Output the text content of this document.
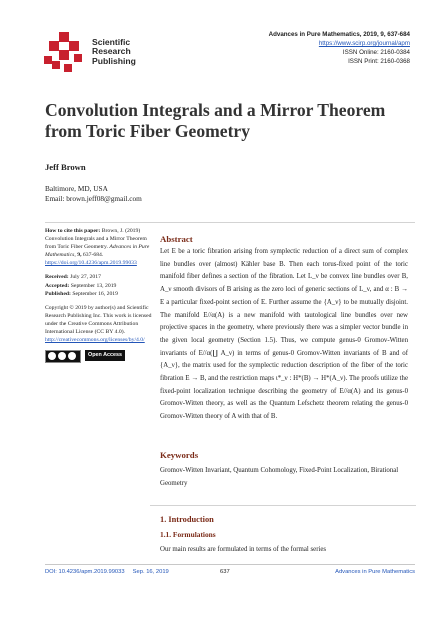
Scientific
Research
Publishing
Advances in Pure Mathematics, 2019, 9, 637-684
https://www.scirp.org/journal/apm
ISSN Online: 2160-0384
ISSN Print: 2160-0368
Convolution Integrals and a Mirror Theorem from Toric Fiber Geometry
Jeff Brown
Baltimore, MD, USA
Email: brown.jeff08@gmail.com
How to cite this paper: Brown, J. (2019) Convolution Integrals and a Mirror Theorem from Toric Fiber Geometry. Advances in Pure Mathematics, 9, 637-684. https://doi.org/10.4236/apm.2019.99033
Received: July 27, 2017
Accepted: September 13, 2019
Published: September 16, 2019
Copyright © 2019 by author(s) and Scientific Research Publishing Inc. This work is licensed under the Creative Commons Attribution International License (CC BY 4.0). http://creativecommons.org/licenses/by/4.0/
Open Access
Abstract
Let E be a toric fibration arising from symplectic reduction of a direct sum of complex line bundles over (almost) Kähler base B. Then each torus-fixed point of the toric manifold fiber defines a section of the fibration. Let L_ν be convex line bundles over B, A_ν smooth divisors of B arising as the zero loci of generic sections of L_ν, and α : B → E a particular fixed-point section of E. Further assume the {A_ν} to be mutually disjoint. The manifold E//α(A) is a new manifold with tautological line bundles over new projective spaces in the geometry, where previously there was a simpler vector bundle in the given local geometry (Section 1.5). Thus, we compute genus-0 Gromov-Witten invariants of E//α(∐ A_ν) in terms of genus-0 Gromov-Witten invariants of B and of {A_ν}, the matrix used for the symplectic reduction description of the fiber of the toric fibration E → B, and the restriction maps ι*_ν : H*(B) → H*(A_ν). The proofs utilize the fixed-point localization technique describing the geometry of E//α(A) and its genus-0 Gromov-Witten theory, as well as the Quantum Lefschetz theorem relating the genus-0 Gromov-Witten theory of A with that of B.
Keywords
Gromov-Witten Invariant, Quantum Cohomology, Fixed-Point Localization, Birational Geometry
1. Introduction
1.1. Formulations
Our main results are formulated in terms of the formal series
DOI: 10.4236/apm.2019.99033 Sep. 16, 2019	637	Advances in Pure Mathematics
